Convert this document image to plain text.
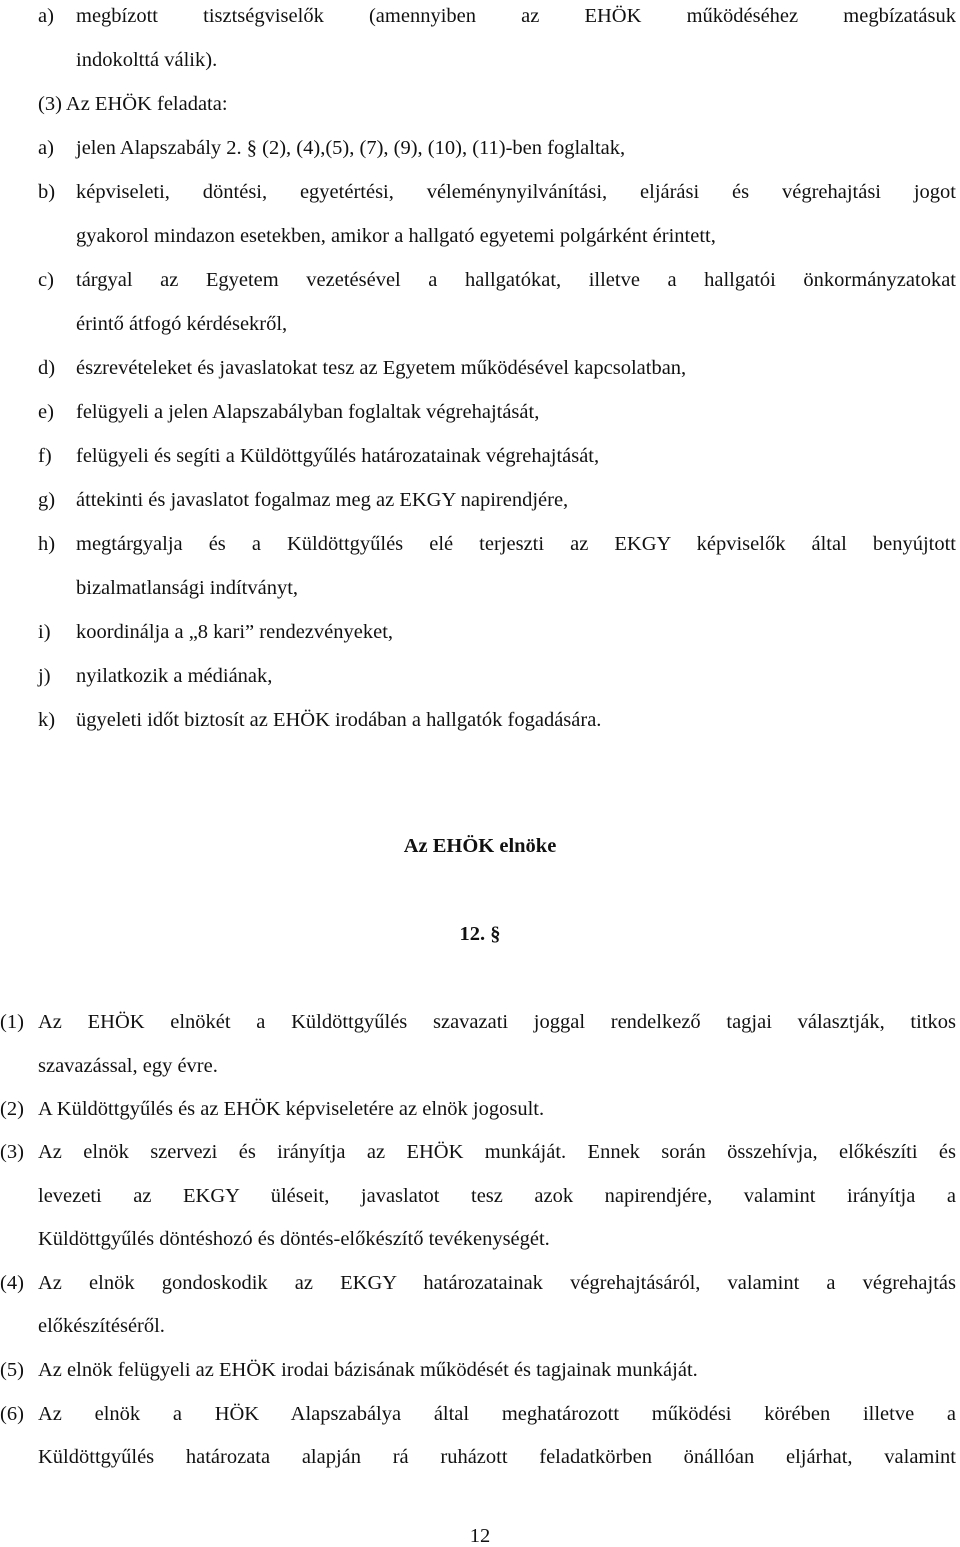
a) megbízott tisztségviselők (amennyiben az EHÖK működéséhez megbízatásuk
indokolttá válik).
(3) Az EHÖK feladata:
a) jelen Alapszabály 2. § (2), (4),(5), (7), (9), (10), (11)-ben foglaltak,
b) képviseleti, döntési, egyetértési, véleménynyilvánítási, eljárási és végrehajtási jogot
gyakorol mindazon esetekben, amikor a hallgató egyetemi polgárként érintett,
c) tárgyal az Egyetem vezetésével a hallgatókat, illetve a hallgatói önkormányzatokat
érintő átfogó kérdésekről,
d) észrevételeket és javaslatokat tesz az Egyetem működésével kapcsolatban,
e) felügyeli a jelen Alapszabályban foglaltak végrehajtását,
f) felügyeli és segíti a Küldöttgyűlés határozatainak végrehajtását,
g) áttekinti és javaslatot fogalmaz meg az EKGY napirendjére,
h) megtárgyalja és a Küldöttgyűlés elé terjeszti az EKGY képviselők által benyújtott
bizalmatlansági indítványt,
i) koordinálja a „8 kari” rendezvényeket,
j) nyilatkozik a médiának,
k) ügyeleti időt biztosít az EHÖK irodában a hallgatók fogadására.
Az EHÖK elnöke
12. §
(1) Az EHÖK elnökét a Küldöttgyűlés szavazati joggal rendelkező tagjai választják, titkos
szavazással, egy évre.
(2) A Küldöttgyűlés és az EHÖK képviseletére az elnök jogosult.
(3) Az elnök szervezi és irányítja az EHÖK munkáját. Ennek során összehívja, előkészíti és
levezeti az EKGY üléseit, javaslatot tesz azok napirendjére, valamint irányítja a
Küldöttgyűlés döntéshozó és döntés-előkészítő tevékenységét.
(4) Az elnök gondoskodik az EKGY határozatainak végrehajtásáról, valamint a végrehajtás
előkészítéséről.
(5) Az elnök felügyeli az EHÖK irodai bázisának működését és tagjainak munkáját.
(6) Az elnök a HÖK Alapszabálya által meghatározott működési körében illetve a
Küldöttgyűlés határozata alapján rá ruházott feladatkörben önállóan eljárhat, valamint
12
